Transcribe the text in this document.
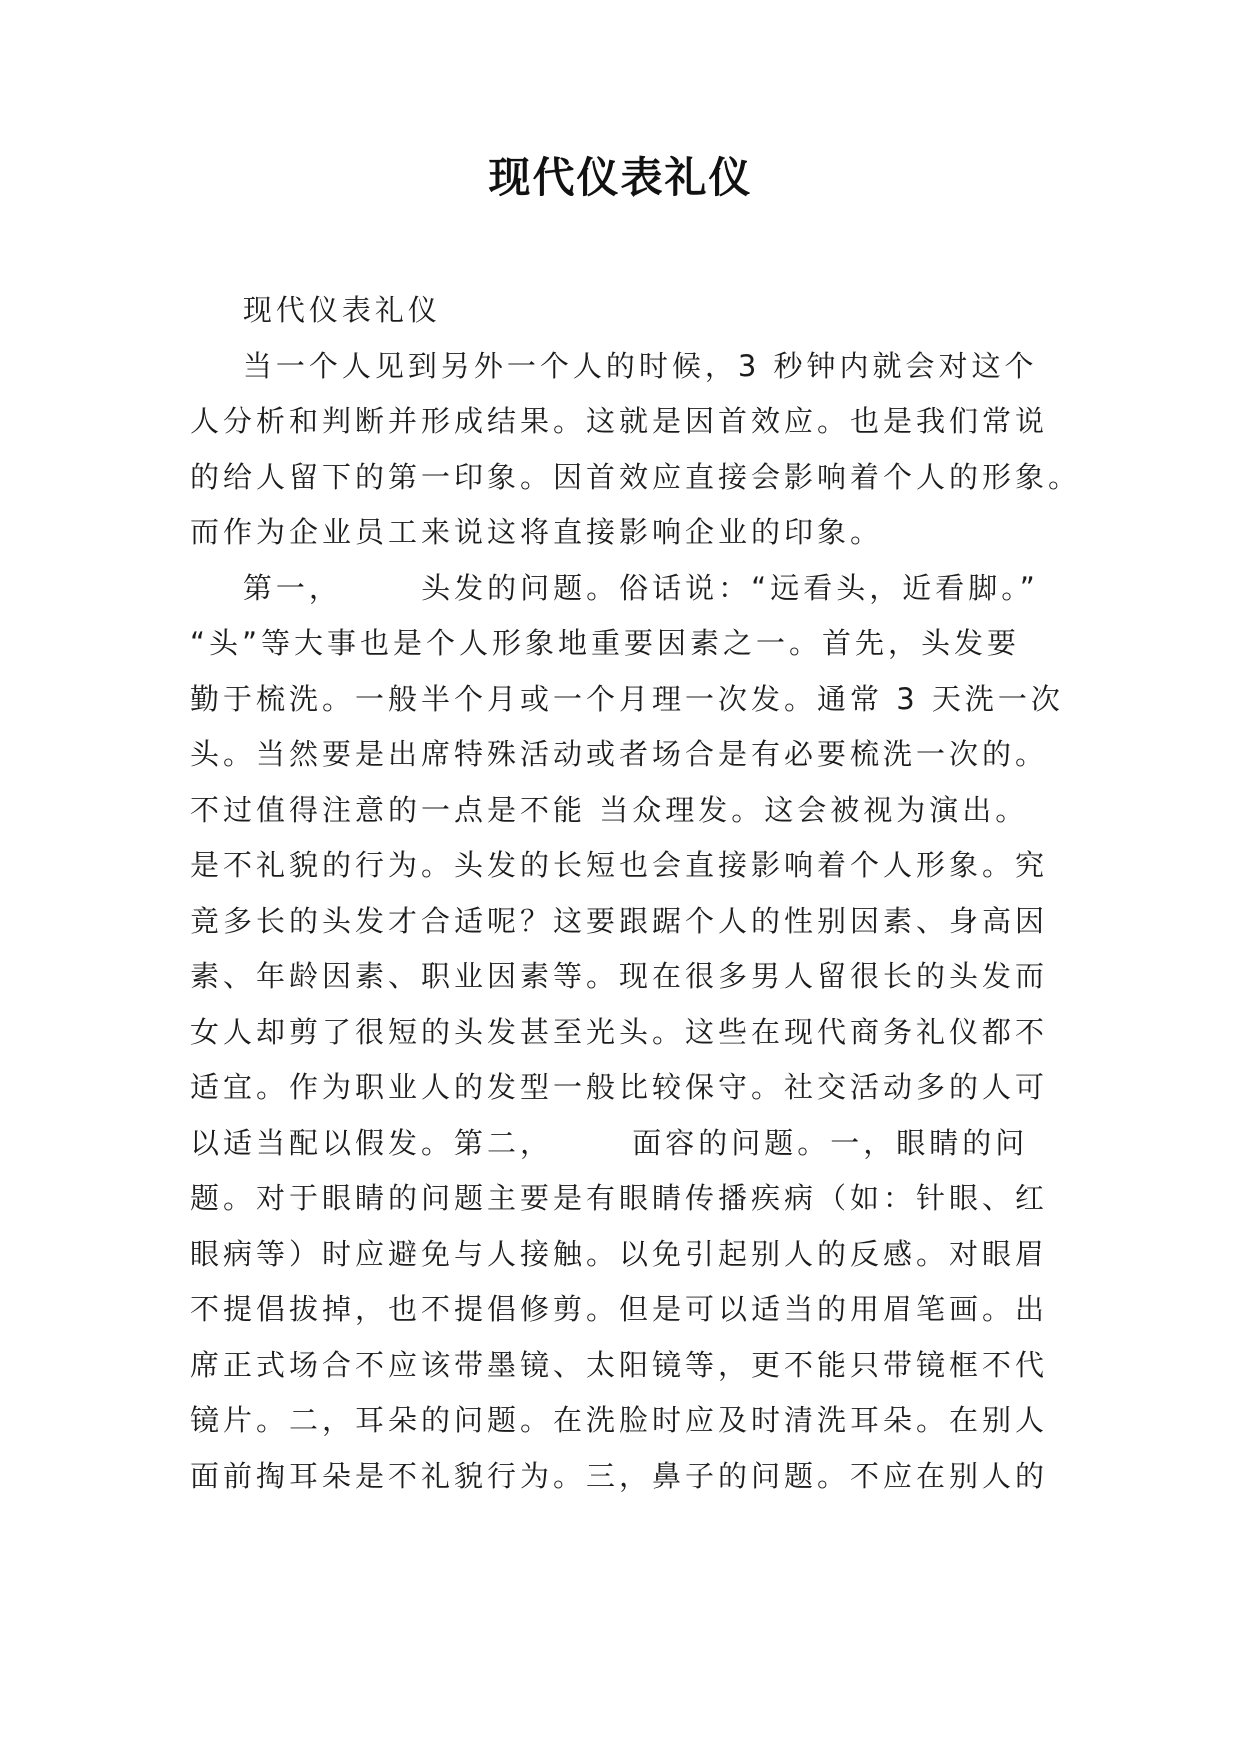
现代仪表礼仪
现代仪表礼仪
当一个人见到另外一个人的时候，3 秒钟内就会对这个
人分析和判断并形成结果。这就是因首效应。也是我们常说
的给人留下的第一印象。因首效应直接会影响着个人的形象。
而作为企业员工来说这将直接影响企业的印象。
第一，      头发的问题。俗话说：“远看头，近看脚。”
“头”等大事也是个人形象地重要因素之一。首先，头发要
勤于梳洗。一般半个月或一个月理一次发。通常 3 天洗一次
头。当然要是出席特殊活动或者场合是有必要梳洗一次的。
不过值得注意的一点是不能 当众理发。这会被视为演出。
是不礼貌的行为。头发的长短也会直接影响着个人形象。究
竟多长的头发才合适呢？这要跟踞个人的性别因素、身高因
素、年龄因素、职业因素等。现在很多男人留很长的头发而
女人却剪了很短的头发甚至光头。这些在现代商务礼仪都不
适宜。作为职业人的发型一般比较保守。社交活动多的人可
以适当配以假发。第二，      面容的问题。一，眼睛的问
题。对于眼睛的问题主要是有眼睛传播疾病（如：针眼、红
眼病等）时应避免与人接触。以免引起别人的反感。对眼眉
不提倡拔掉，也不提倡修剪。但是可以适当的用眉笔画。出
席正式场合不应该带墨镜、太阳镜等，更不能只带镜框不代
镜片。二，耳朵的问题。在洗脸时应及时清洗耳朵。在别人
面前掏耳朵是不礼貌行为。三，鼻子的问题。不应在别人的
